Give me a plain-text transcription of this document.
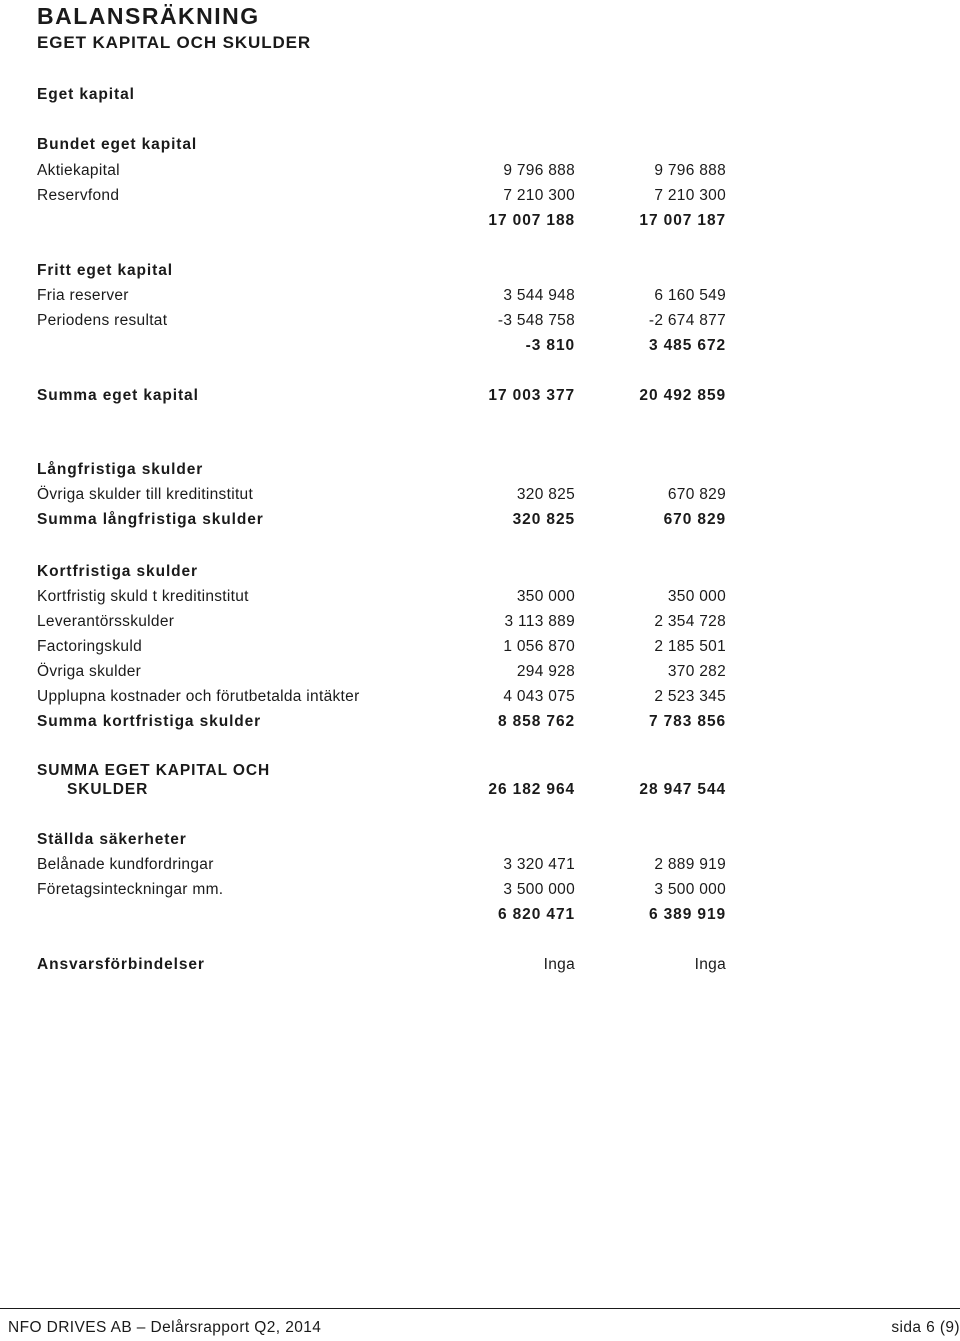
BALANSRÄKNING
EGET KAPITAL OCH SKULDER
Eget kapital
Bundet eget kapital
Aktiekapital	9 796 888	9 796 888
Reservfond	7 210 300	7 210 300
17 007 188	17 007 187
Fritt eget kapital
Fria reserver	3 544 948	6 160 549
Periodens resultat	-3 548 758	-2 674 877
-3 810	3 485 672
Summa eget kapital	17 003 377	20 492 859
Långfristiga skulder
Övriga skulder till kreditinstitut	320 825	670 829
Summa långfristiga skulder	320 825	670 829
Kortfristiga skulder
Kortfristig skuld t kreditinstitut	350 000	350 000
Leverantörsskulder	3 113 889	2 354 728
Factoringskuld	1 056 870	2 185 501
Övriga skulder	294 928	370 282
Upplupna kostnader och förutbetalda intäkter	4 043 075	2 523 345
Summa kortfristiga skulder	8 858 762	7 783 856
SUMMA EGET KAPITAL OCH
SKULDER	26 182 964	28 947 544
Ställda säkerheter
Belånade kundfordringar	3 320 471	2 889 919
Företagsinteckningar mm.	3 500 000	3 500 000
6 820 471	6 389 919
Ansvarsförbindelser	Inga	Inga
NFO DRIVES AB – Delårsrapport Q2, 2014	sida 6 (9)
